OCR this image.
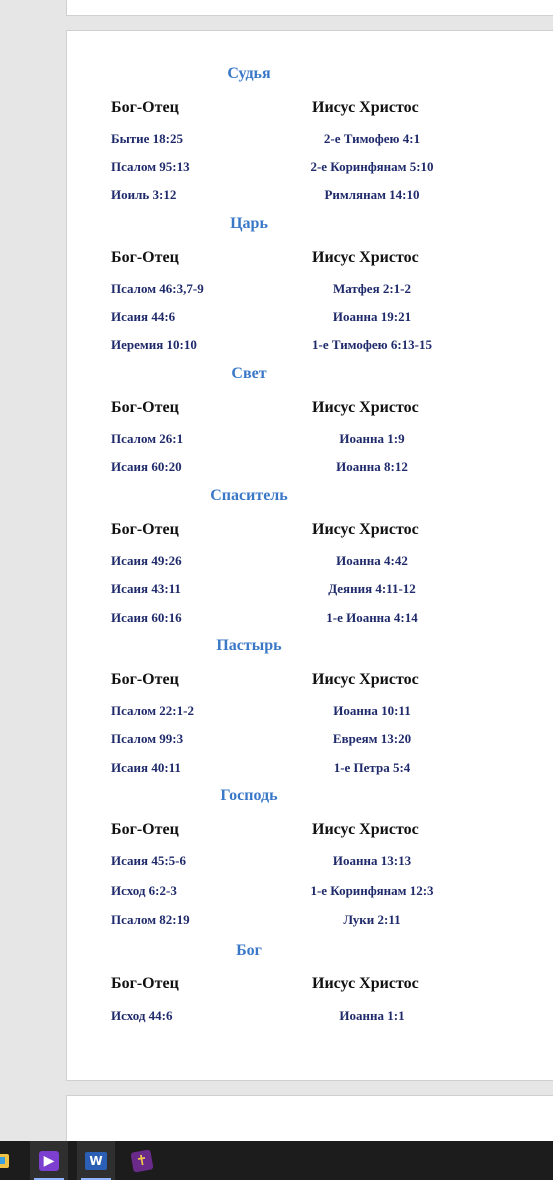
Судья
Бог-Отец	Иисус Христос
Бытие 18:25	2-е Тимофею 4:1
Псалом 95:13	2-е Коринфянам 5:10
Иоиль 3:12	Римлянам 14:10
Царь
Бог-Отец	Иисус Христос
Псалом 46:3,7-9	Матфея 2:1-2
Исаия 44:6	Иоанна 19:21
Иеремия 10:10	1-е Тимофею 6:13-15
Свет
Бог-Отец	Иисус Христос
Псалом 26:1	Иоанна 1:9
Исаия 60:20	Иоанна 8:12
Спаситель
Бог-Отец	Иисус Христос
Исаия 49:26	Иоанна 4:42
Исаия 43:11	Деяния 4:11-12
Исаия 60:16	1-е Иоанна 4:14
Пастырь
Бог-Отец	Иисус Христос
Псалом 22:1-2	Иоанна 10:11
Псалом 99:3	Евреям 13:20
Исаия 40:11	1-е Петра 5:4
Господь
Бог-Отец	Иисус Христос
Исаия 45:5-6	Иоанна 13:13
Исход 6:2-3	1-е Коринфянам 12:3
Псалом 82:19	Луки 2:11
Бог
Бог-Отец	Иисус Христос
Исход 44:6	Иоанна 1:1
▶	W	✝
